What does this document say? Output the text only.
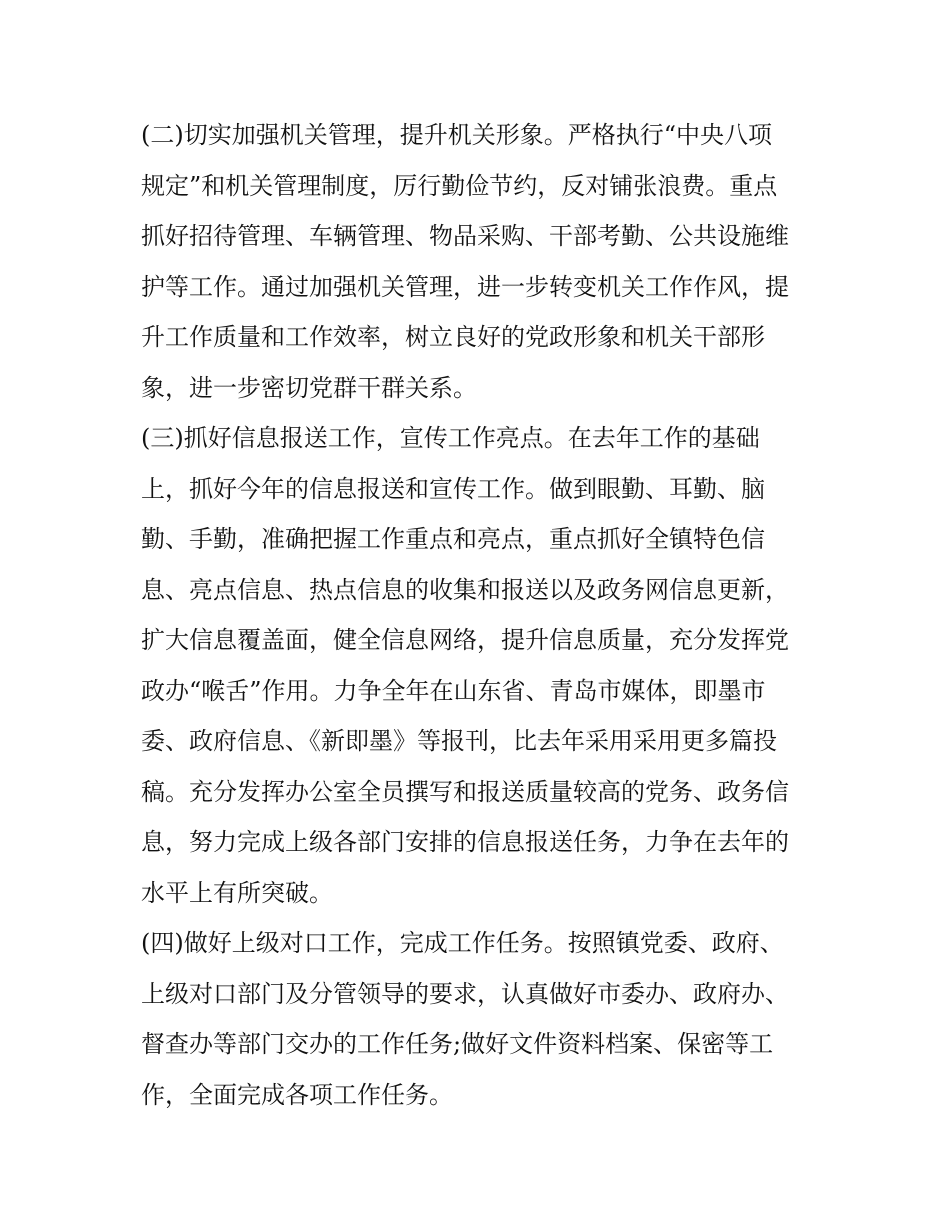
(二)切实加强机关管理，提升机关形象。严格执行“中央八项
规定”和机关管理制度，厉行勤俭节约，反对铺张浪费。重点
抓好招待管理、车辆管理、物品采购、干部考勤、公共设施维
护等工作。通过加强机关管理，进一步转变机关工作作风，提
升工作质量和工作效率，树立良好的党政形象和机关干部形
象，进一步密切党群干群关系。
(三)抓好信息报送工作，宣传工作亮点。在去年工作的基础
上，抓好今年的信息报送和宣传工作。做到眼勤、耳勤、脑
勤、手勤，准确把握工作重点和亮点，重点抓好全镇特色信
息、亮点信息、热点信息的收集和报送以及政务网信息更新，
扩大信息覆盖面，健全信息网络，提升信息质量，充分发挥党
政办“喉舌”作用。力争全年在山东省、青岛市媒体，即墨市
委、政府信息、《新即墨》等报刊，比去年采用采用更多篇投
稿。充分发挥办公室全员撰写和报送质量较高的党务、政务信
息，努力完成上级各部门安排的信息报送任务，力争在去年的
水平上有所突破。
(四)做好上级对口工作，完成工作任务。按照镇党委、政府、
上级对口部门及分管领导的要求，认真做好市委办、政府办、
督查办等部门交办的工作任务;做好文件资料档案、保密等工
作，全面完成各项工作任务。
